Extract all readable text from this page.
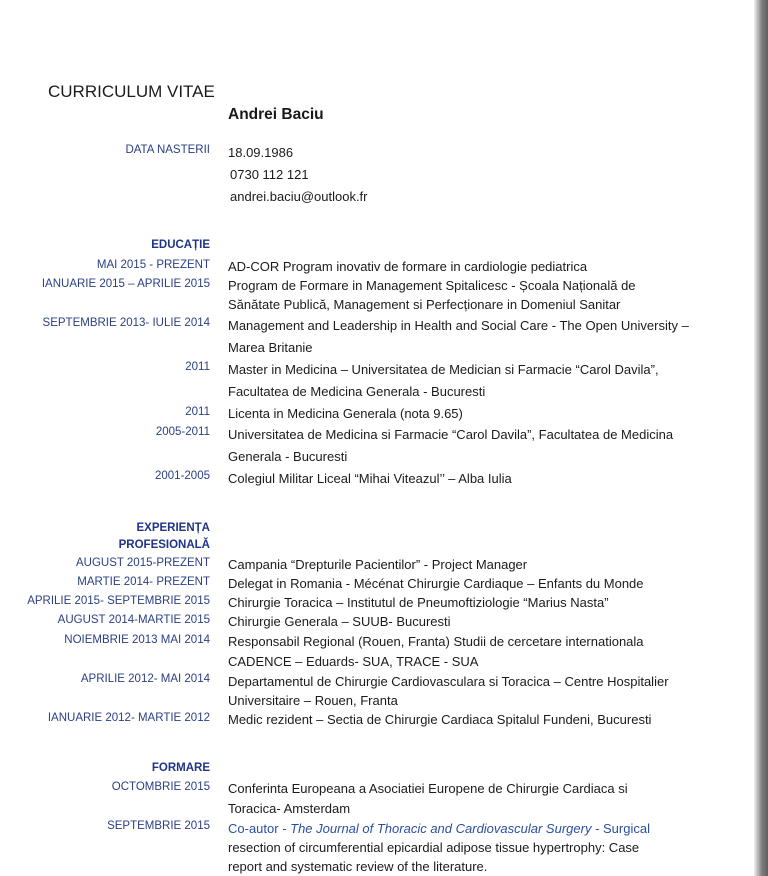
CURRICULUM VITAE
Andrei Baciu
DATA NASTERII 18.09.1986
0730 112 121
andrei.baciu@outlook.fr
EDUCAȚIE
MAI 2015 - PREZENT AD-COR Program inovativ de formare in cardiologie pediatrica
IANUARIE 2015 – APRILIE 2015 Program de Formare in Management Spitalicesc - Școala Națională de
Sănătate Publică, Management si Perfecționare in Domeniul Sanitar
SEPTEMBRIE 2013- IULIE 2014 Management and Leadership in Health and Social Care - The Open University –
Marea Britanie
2011 Master in Medicina – Universitatea de Medician si Farmacie “Carol Davila”,
Facultatea de Medicina Generala - Bucuresti
2011 Licenta in Medicina Generala (nota 9.65)
2005-2011 Universitatea de Medicina si Farmacie “Carol Davila”, Facultatea de Medicina
Generala - Bucuresti
2001-2005 Colegiul Militar Liceal “Mihai Viteazul’’ – Alba Iulia
EXPERIENȚA
PROFESIONALĂ
AUGUST 2015-PREZENT Campania “Drepturile Pacientilor” - Project Manager
MARTIE 2014- PREZENT Delegat in Romania - Mécénat Chirurgie Cardiaque – Enfants du Monde
APRILIE 2015- SEPTEMBRIE 2015 Chirurgie Toracica – Institutul de Pneumoftiziologie “Marius Nasta”
AUGUST 2014-MARTIE 2015 Chirurgie Generala – SUUB- Bucuresti
NOIEMBRIE 2013 MAI 2014 Responsabil Regional (Rouen, Franta) Studii de cercetare internationala
CADENCE – Eduards- SUA, TRACE - SUA
APRILIE 2012- MAI 2014 Departamentul de Chirurgie Cardiovasculara si Toracica – Centre Hospitalier
Universitaire – Rouen, Franta
IANUARIE 2012- MARTIE 2012 Medic rezident – Sectia de Chirurgie Cardiaca Spitalul Fundeni, Bucuresti
FORMARE
OCTOMBRIE 2015 Conferinta Europeana a Asociatiei Europene de Chirurgie Cardiaca si
Toracica- Amsterdam
SEPTEMBRIE 2015 Co-autor - The Journal of Thoracic and Cardiovascular Surgery - Surgical
resection of circumferential epicardial adipose tissue hypertrophy: Case
report and systematic review of the literature.
